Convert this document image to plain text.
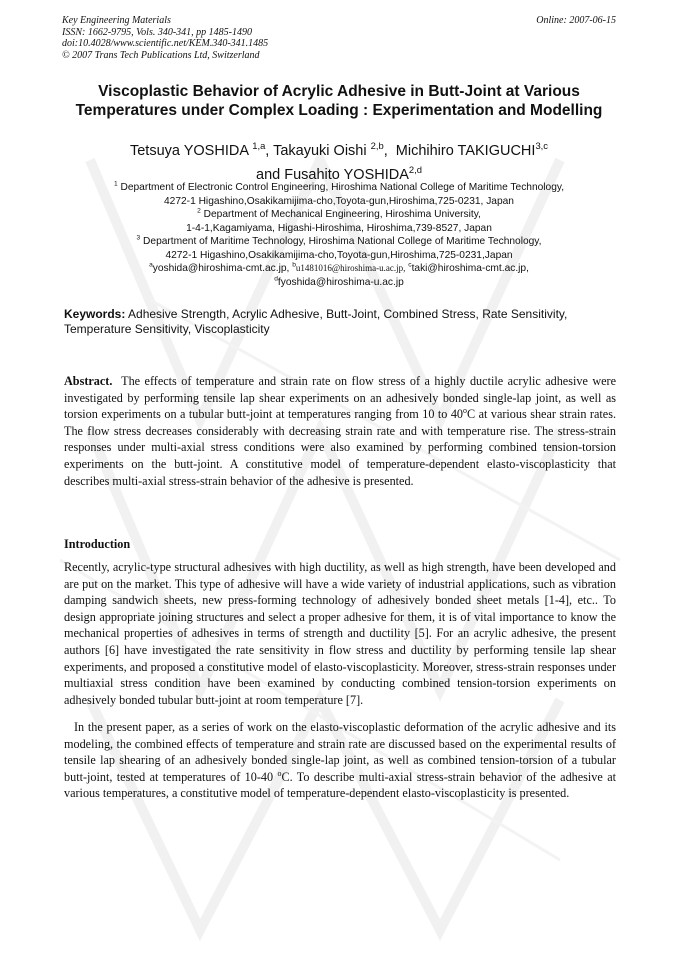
Key Engineering Materials
ISSN: 1662-9795, Vols. 340-341, pp 1485-1490
doi:10.4028/www.scientific.net/KEM.340-341.1485
© 2007 Trans Tech Publications Ltd, Switzerland
Online: 2007-06-15
Viscoplastic Behavior of Acrylic Adhesive in Butt-Joint at Various
Temperatures under Complex Loading : Experimentation and Modelling
Tetsuya YOSHIDA $^{1,a}$, Takayuki Oishi $^{2,b}$,  Michihiro TAKIGUCHI$^{3,c}$
and Fusahito YOSHIDA$^{2,d}$
$^1$ Department of Electronic Control Engineering, Hiroshima National College of Maritime Technology,
4272-1 Higashino,Osakikamijima-cho,Toyota-gun,Hiroshima,725-0231, Japan
$^2$ Department of Mechanical Engineering, Hiroshima University,
1-4-1,Kagamiyama, Higashi-Hiroshima, Hiroshima,739-8527, Japan
$^3$ Department of Maritime Technology, Hiroshima National College of Maritime Technology,
4272-1 Higashino,Osakikamijima-cho,Toyota-gun,Hiroshima,725-0231,Japan
$^a$yoshida@hiroshima-cmt.ac.jp, $^b$u1481016@hiroshima-u.ac.jp, $^c$taki@hiroshima-cmt.ac.jp,
$^d$fyoshida@hiroshima-u.ac.jp
Keywords: Adhesive Strength, Acrylic Adhesive, Butt-Joint, Combined Stress, Rate Sensitivity, Temperature Sensitivity, Viscoplasticity
Abstract. The effects of temperature and strain rate on flow stress of a highly ductile acrylic adhesive were investigated by performing tensile lap shear experiments on an adhesively bonded single-lap joint, as well as torsion experiments on a tubular butt-joint at temperatures ranging from 10 to 40$^o$C at various shear strain rates. The flow stress decreases considerably with decreasing strain rate and with temperature rise. The stress-strain responses under multi-axial stress conditions were also examined by performing combined tension-torsion experiments on the butt-joint. A constitutive model of temperature-dependent elasto-viscoplasticity that describes multi-axial stress-strain behavior of the adhesive is presented.
Introduction
Recently, acrylic-type structural adhesives with high ductility, as well as high strength, have been developed and are put on the market. This type of adhesive will have a wide variety of industrial applications, such as vibration damping sandwich sheets, new press-forming technology of adhesively bonded sheet metals [1-4], etc.. To design appropriate joining structures and select a proper adhesive for them, it is of vital importance to know the mechanical properties of adhesives in terms of strength and ductility [5]. For an acrylic adhesive, the present authors [6] have investigated the rate sensitivity in flow stress and ductility by performing tensile lap shear experiments, and proposed a constitutive model of elasto-viscoplasticity. Moreover, stress-strain responses under multiaxial stress condition have been examined by conducting combined tension-torsion experiments on adhesively bonded tubular butt-joint at room temperature [7].
In the present paper, as a series of work on the elasto-viscoplastic deformation of the acrylic adhesive and its modeling, the combined effects of temperature and strain rate are discussed based on the experimental results of tensile lap shearing of an adhesively bonded single-lap joint, as well as combined tension-torsion of a tubular butt-joint, tested at temperatures of 10-40 $^o$C. To describe multi-axial stress-strain behavior of the adhesive at various temperatures, a constitutive model of temperature-dependent elasto-viscoplasticity is presented.
